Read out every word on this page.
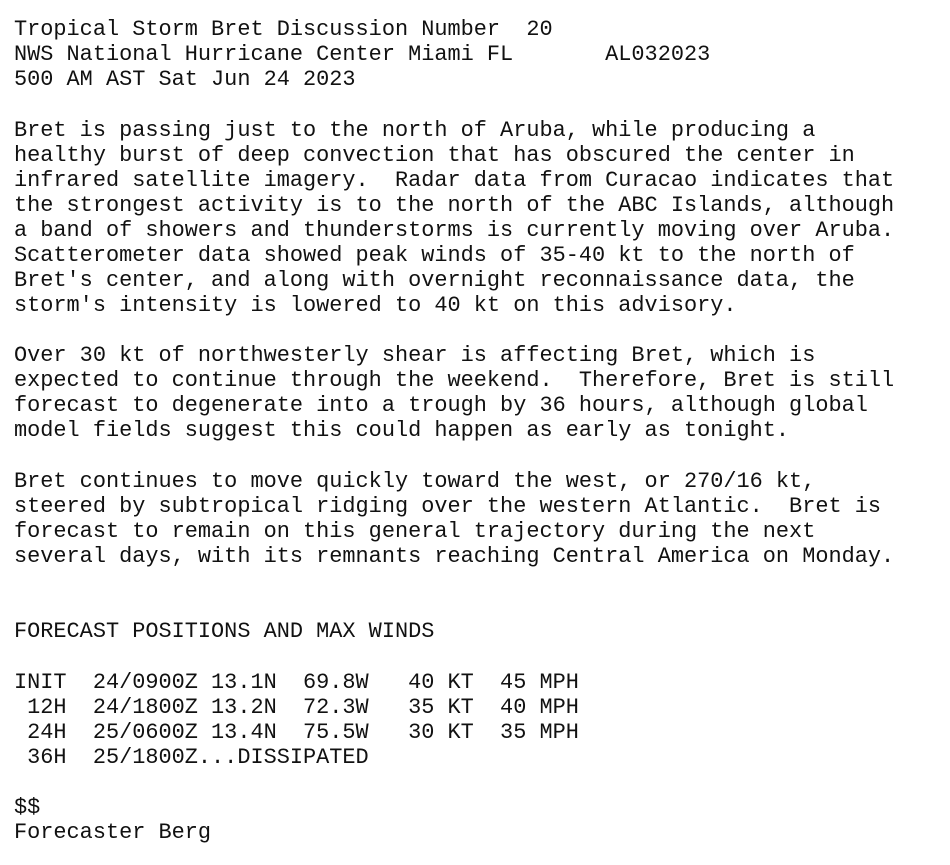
Tropical Storm Bret Discussion Number  20
NWS National Hurricane Center Miami FL       AL032023
500 AM AST Sat Jun 24 2023
Bret is passing just to the north of Aruba, while producing a
healthy burst of deep convection that has obscured the center in
infrared satellite imagery.  Radar data from Curacao indicates that
the strongest activity is to the north of the ABC Islands, although
a band of showers and thunderstorms is currently moving over Aruba.
Scatterometer data showed peak winds of 35-40 kt to the north of
Bret's center, and along with overnight reconnaissance data, the
storm's intensity is lowered to 40 kt on this advisory.
Over 30 kt of northwesterly shear is affecting Bret, which is
expected to continue through the weekend.  Therefore, Bret is still
forecast to degenerate into a trough by 36 hours, although global
model fields suggest this could happen as early as tonight.
Bret continues to move quickly toward the west, or 270/16 kt,
steered by subtropical ridging over the western Atlantic.  Bret is
forecast to remain on this general trajectory during the next
several days, with its remnants reaching Central America on Monday.
FORECAST POSITIONS AND MAX WINDS
INIT  24/0900Z 13.1N  69.8W   40 KT  45 MPH
12H  24/1800Z 13.2N  72.3W   35 KT  40 MPH
24H  25/0600Z 13.4N  75.5W   30 KT  35 MPH
36H  25/1800Z...DISSIPATED
$$
Forecaster Berg
